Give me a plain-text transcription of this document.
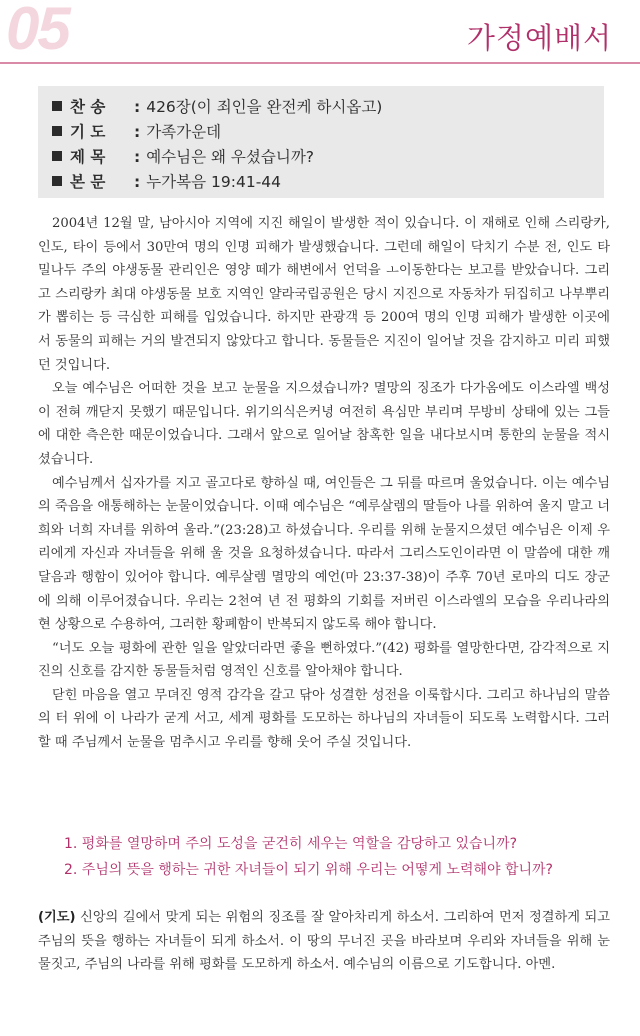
05	가정예배서
찬 송 : 426장(이 죄인을 완전케 하시옵고)
기 도 : 가족가운데
제 목 : 예수님은 왜 우셨습니까?
본 문 : 누가복음 19:41-44

2004년 12월 말, 남아시아 지역에 지진 해일이 발생한 적이 있습니다. 이 재해로 인해 스리랑카, 인도, 타이 등에서 30만여 명의 인명 피해가 발생했습니다. 그런데 해일이 닥치기 수분 전, 인도 타밀나두 주의 야생동물 관리인은 영양 떼가 해변에서 언덕을 ㅗ이동한다는 보고를 받았습니다. 그리고 스리랑카 최대 야생동물 보호 지역인 얄라국립공원은 당시 지진으로 자동차가 뒤집히고 나부뿌리가 뽑히는 등 극심한 피해를 입었습니다. 하지만 관광객 등 200여 명의 인명 피해가 발생한 이곳에서 동물의 피해는 거의 발견되지 않았다고 합니다. 동물들은 지진이 일어날 것을 감지하고 미리 피했던 것입니다.

오늘 예수님은 어떠한 것을 보고 눈물을 지으셨습니까? 멸망의 징조가 다가옴에도 이스라엘 백성이 전혀 깨닫지 못했기 때문입니다. 위기의식은커녕 여전히 욕심만 부리며 무방비 상태에 있는 그들에 대한 측은한 때문이었습니다. 그래서 앞으로 일어날 참혹한 일을 내다보시며 통한의 눈물을 적시셨습니다.

예수님께서 십자가를 지고 골고다로 향하실 때, 여인들은 그 뒤를 따르며 울었습니다. 이는 예수님의 죽음을 애통해하는 눈물이었습니다. 이때 예수님은 “예루살렘의 딸들아 나를 위하여 울지 말고 너희와 너희 자녀를 위하여 울라.”(23:28)고 하셨습니다. 우리를 위해 눈물지으셨던 예수님은 이제 우리에게 자신과 자녀들을 위해 울 것을 요청하셨습니다. 따라서 그리스도인이라면 이 말씀에 대한 깨달음과 행함이 있어야 합니다. 예루살렘 멸망의 예언(마 23:37-38)이 주후 70년 로마의 디도 장군에 의해 이루어졌습니다. 우리는 2천여 년 전 평화의 기회를 저버린 이스라엘의 모습을 우리나라의 현 상황으로 수용하여, 그러한 황폐함이 반복되지 않도록 해야 합니다.

“너도 오늘 평화에 관한 일을 알았더라면 좋을 뻔하였다.”(42) 평화를 열망한다면, 감각적으로 지진의 신호를 감지한 동물들처럼 영적인 신호를 알아채야 합니다.

닫힌 마음을 열고 무뎌진 영적 감각을 갈고 닦아 성결한 성전을 이룩합시다. 그리고 하나님의 말씀의 터 위에 이 나라가 굳게 서고, 세계 평화를 도모하는 하나님의 자녀들이 되도록 노력합시다. 그러할 때 주님께서 눈물을 멈추시고 우리를 향해 웃어 주실 것입니다.

1. 평화를 열망하며 주의 도성을 굳건히 세우는 역할을 감당하고 있습니까?
2. 주님의 뜻을 행하는 귀한 자녀들이 되기 위해 우리는 어떻게 노력해야 합니까?
(기도) 신앙의 길에서 맞게 되는 위험의 징조를 잘 알아차리게 하소서. 그리하여 먼저 정결하게 되고 주님의 뜻을 행하는 자녀들이 되게 하소서. 이 땅의 무너진 곳을 바라보며 우리와 자녀들을 위해 눈물짓고, 주님의 나라를 위해 평화를 도모하게 하소서. 예수님의 이름으로 기도합니다. 아멘.
